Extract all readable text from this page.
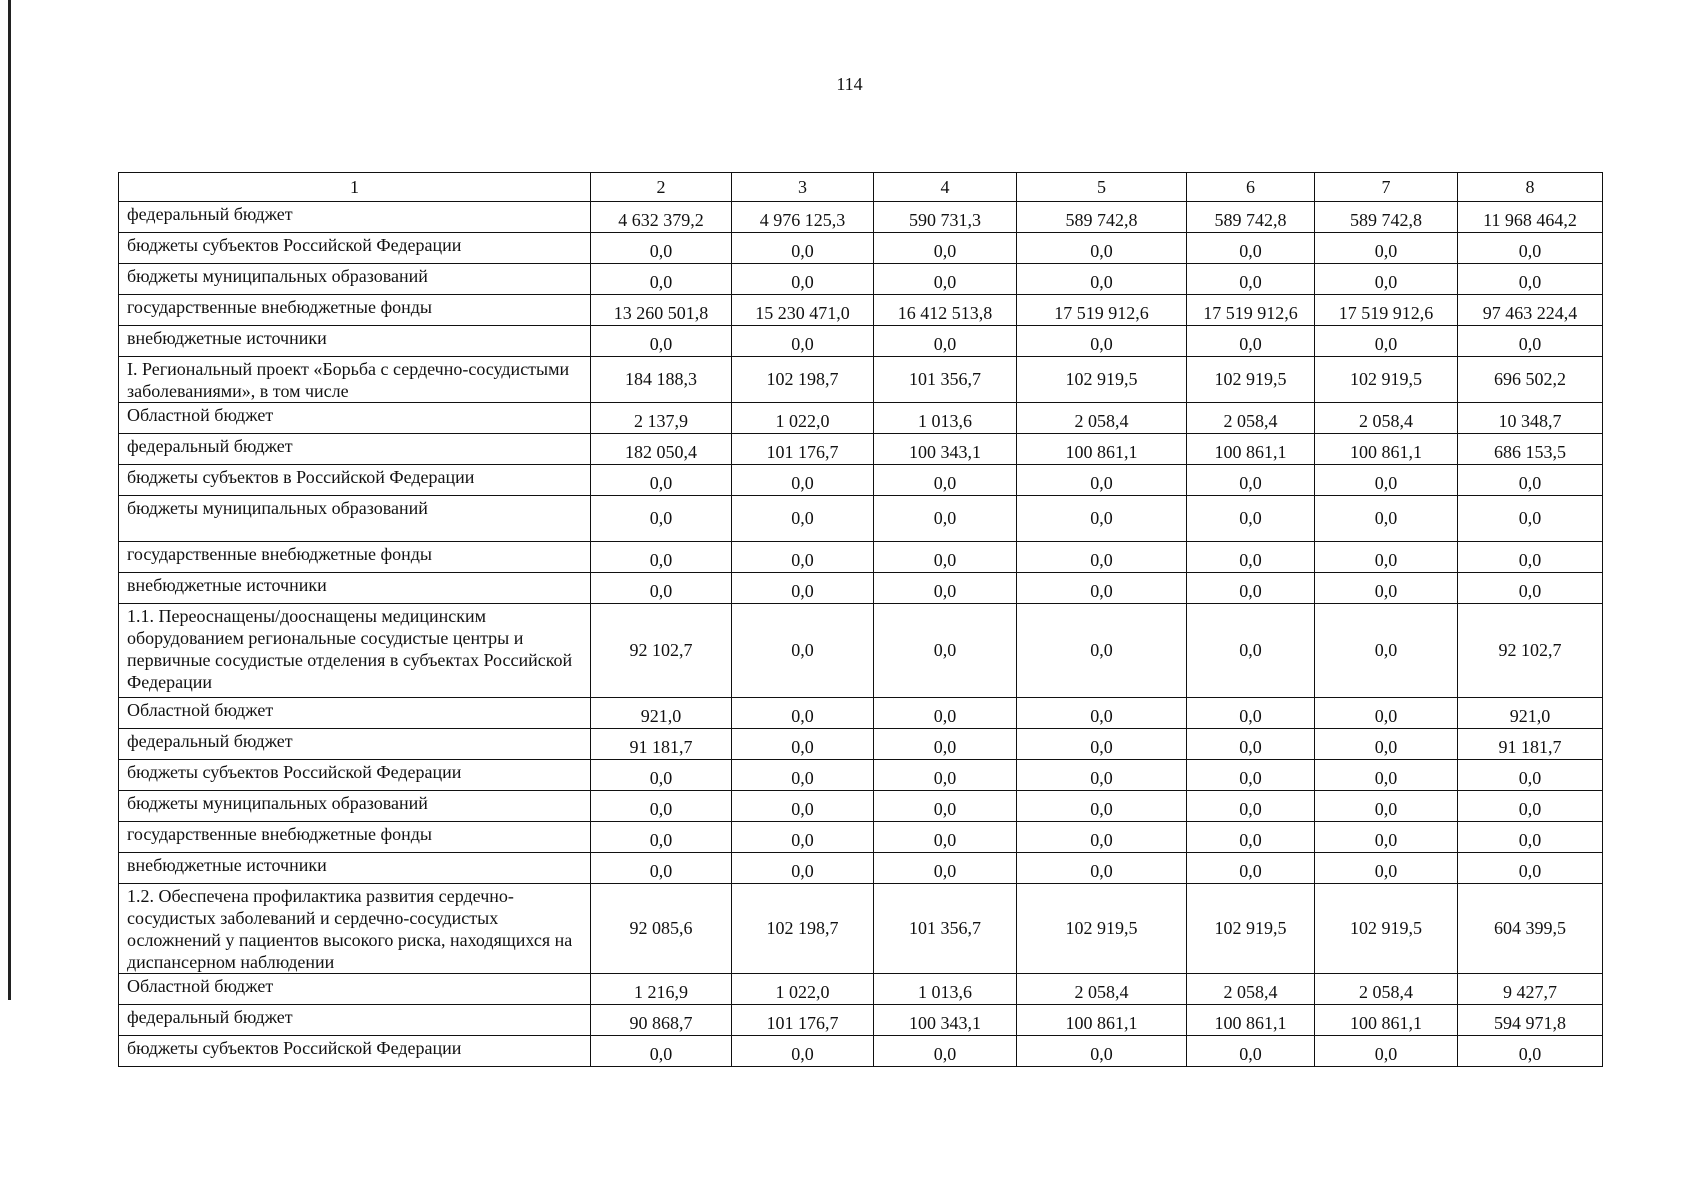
114
1	2	3	4	5	6	7	8
федеральный бюджет	4 632 379,2	4 976 125,3	590 731,3	589 742,8	589 742,8	589 742,8	11 968 464,2
бюджеты субъектов Российской Федерации	0,0	0,0	0,0	0,0	0,0	0,0	0,0
бюджеты муниципальных образований	0,0	0,0	0,0	0,0	0,0	0,0	0,0
государственные внебюджетные фонды	13 260 501,8	15 230 471,0	16 412 513,8	17 519 912,6	17 519 912,6	17 519 912,6	97 463 224,4
внебюджетные источники	0,0	0,0	0,0	0,0	0,0	0,0	0,0
I. Региональный проект «Борьба с сердечно-сосудистыми заболеваниями», в том числе	184 188,3	102 198,7	101 356,7	102 919,5	102 919,5	102 919,5	696 502,2
Областной бюджет	2 137,9	1 022,0	1 013,6	2 058,4	2 058,4	2 058,4	10 348,7
федеральный бюджет	182 050,4	101 176,7	100 343,1	100 861,1	100 861,1	100 861,1	686 153,5
бюджеты субъектов в Российской Федерации	0,0	0,0	0,0	0,0	0,0	0,0	0,0
бюджеты муниципальных образований	0,0	0,0	0,0	0,0	0,0	0,0	0,0
государственные внебюджетные фонды	0,0	0,0	0,0	0,0	0,0	0,0	0,0
внебюджетные источники	0,0	0,0	0,0	0,0	0,0	0,0	0,0
1.1. Переоснащены/дооснащены медицинским оборудованием региональные сосудистые центры и первичные сосудистые отделения в субъектах Российской Федерации	92 102,7	0,0	0,0	0,0	0,0	0,0	92 102,7
Областной бюджет	921,0	0,0	0,0	0,0	0,0	0,0	921,0
федеральный бюджет	91 181,7	0,0	0,0	0,0	0,0	0,0	91 181,7
бюджеты субъектов Российской Федерации	0,0	0,0	0,0	0,0	0,0	0,0	0,0
бюджеты муниципальных образований	0,0	0,0	0,0	0,0	0,0	0,0	0,0
государственные внебюджетные фонды	0,0	0,0	0,0	0,0	0,0	0,0	0,0
внебюджетные источники	0,0	0,0	0,0	0,0	0,0	0,0	0,0
1.2. Обеспечена профилактика развития сердечно-сосудистых заболеваний и сердечно-сосудистых осложнений у пациентов высокого риска, находящихся на диспансерном наблюдении	92 085,6	102 198,7	101 356,7	102 919,5	102 919,5	102 919,5	604 399,5
Областной бюджет	1 216,9	1 022,0	1 013,6	2 058,4	2 058,4	2 058,4	9 427,7
федеральный бюджет	90 868,7	101 176,7	100 343,1	100 861,1	100 861,1	100 861,1	594 971,8
бюджеты субъектов Российской Федерации	0,0	0,0	0,0	0,0	0,0	0,0	0,0
